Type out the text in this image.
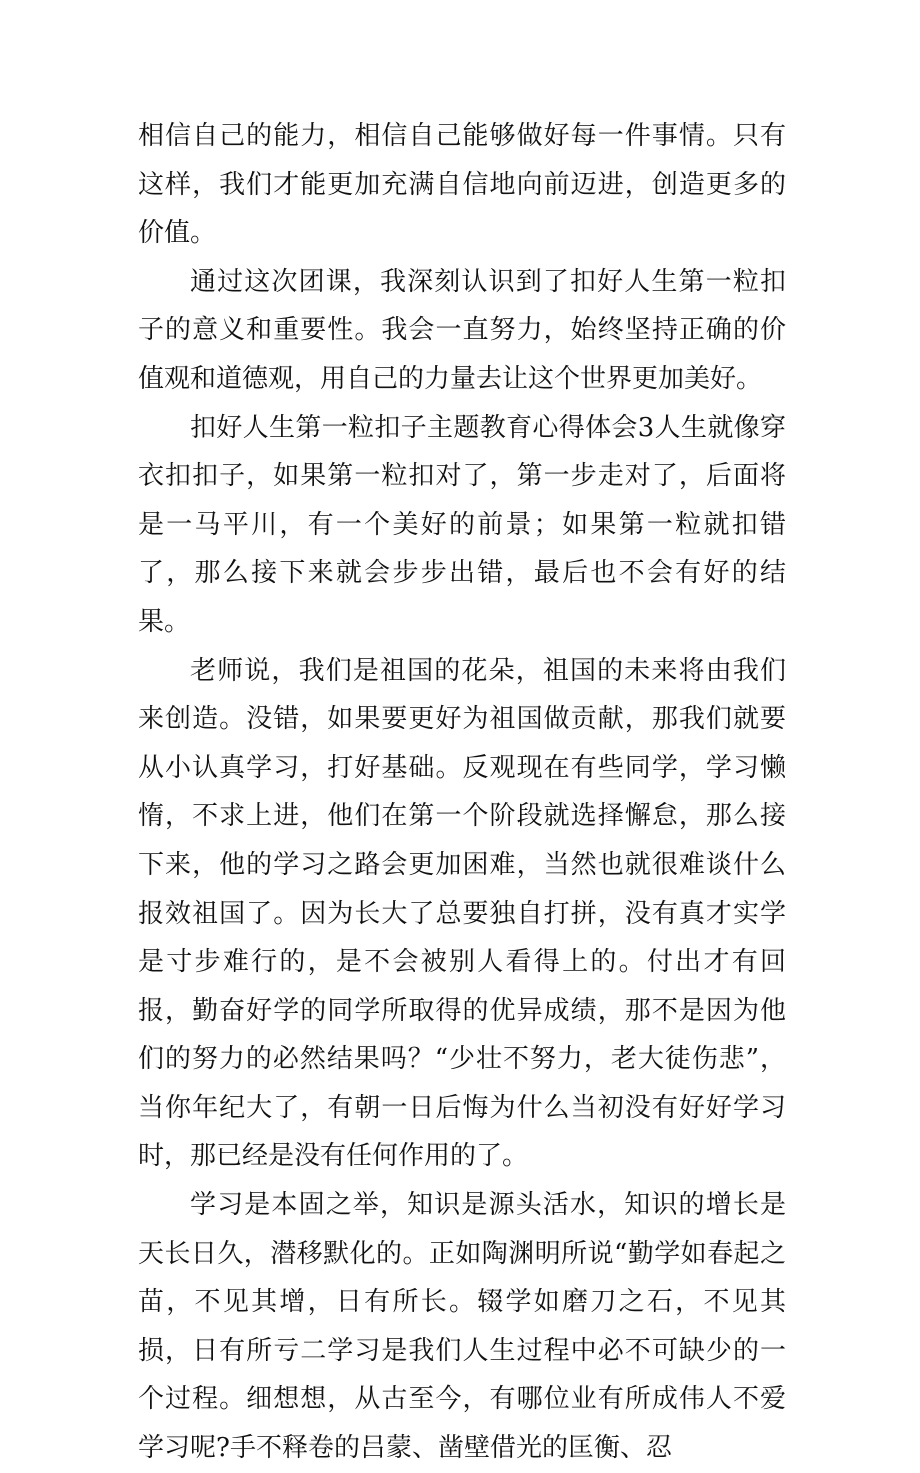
相信自己的能力，相信自己能够做好每一件事情。只有这样，我们才能更加充满自信地向前迈进，创造更多的价值。

通过这次团课，我深刻认识到了扣好人生第一粒扣子的意义和重要性。我会一直努力，始终坚持正确的价值观和道德观，用自己的力量去让这个世界更加美好。

扣好人生第一粒扣子主题教育心得体会3人生就像穿衣扣扣子，如果第一粒扣对了，第一步走对了，后面将是一马平川，有一个美好的前景；如果第一粒就扣错了，那么接下来就会步步出错，最后也不会有好的结果。

老师说，我们是祖国的花朵，祖国的未来将由我们来创造。没错，如果要更好为祖国做贡献，那我们就要从小认真学习，打好基础。反观现在有些同学，学习懒惰，不求上进，他们在第一个阶段就选择懈怠，那么接下来，他的学习之路会更加困难，当然也就很难谈什么报效祖国了。因为长大了总要独自打拼，没有真才实学是寸步难行的，是不会被别人看得上的。付出才有回报，勤奋好学的同学所取得的优异成绩，那不是因为他们的努力的必然结果吗？“少壮不努力，老大徒伤悲”，当你年纪大了，有朝一日后悔为什么当初没有好好学习时，那已经是没有任何作用的了。

学习是本固之举，知识是源头活水，知识的增长是天长日久，潜移默化的。正如陶渊明所说“勤学如春起之苗，不见其增，日有所长。辍学如磨刀之石，不见其损，日有所亏二学习是我们人生过程中必不可缺少的一个过程。细想想，从古至今，有哪位业有所成伟人不爱学习呢?手不释卷的吕蒙、凿壁借光的匡衡、忍
